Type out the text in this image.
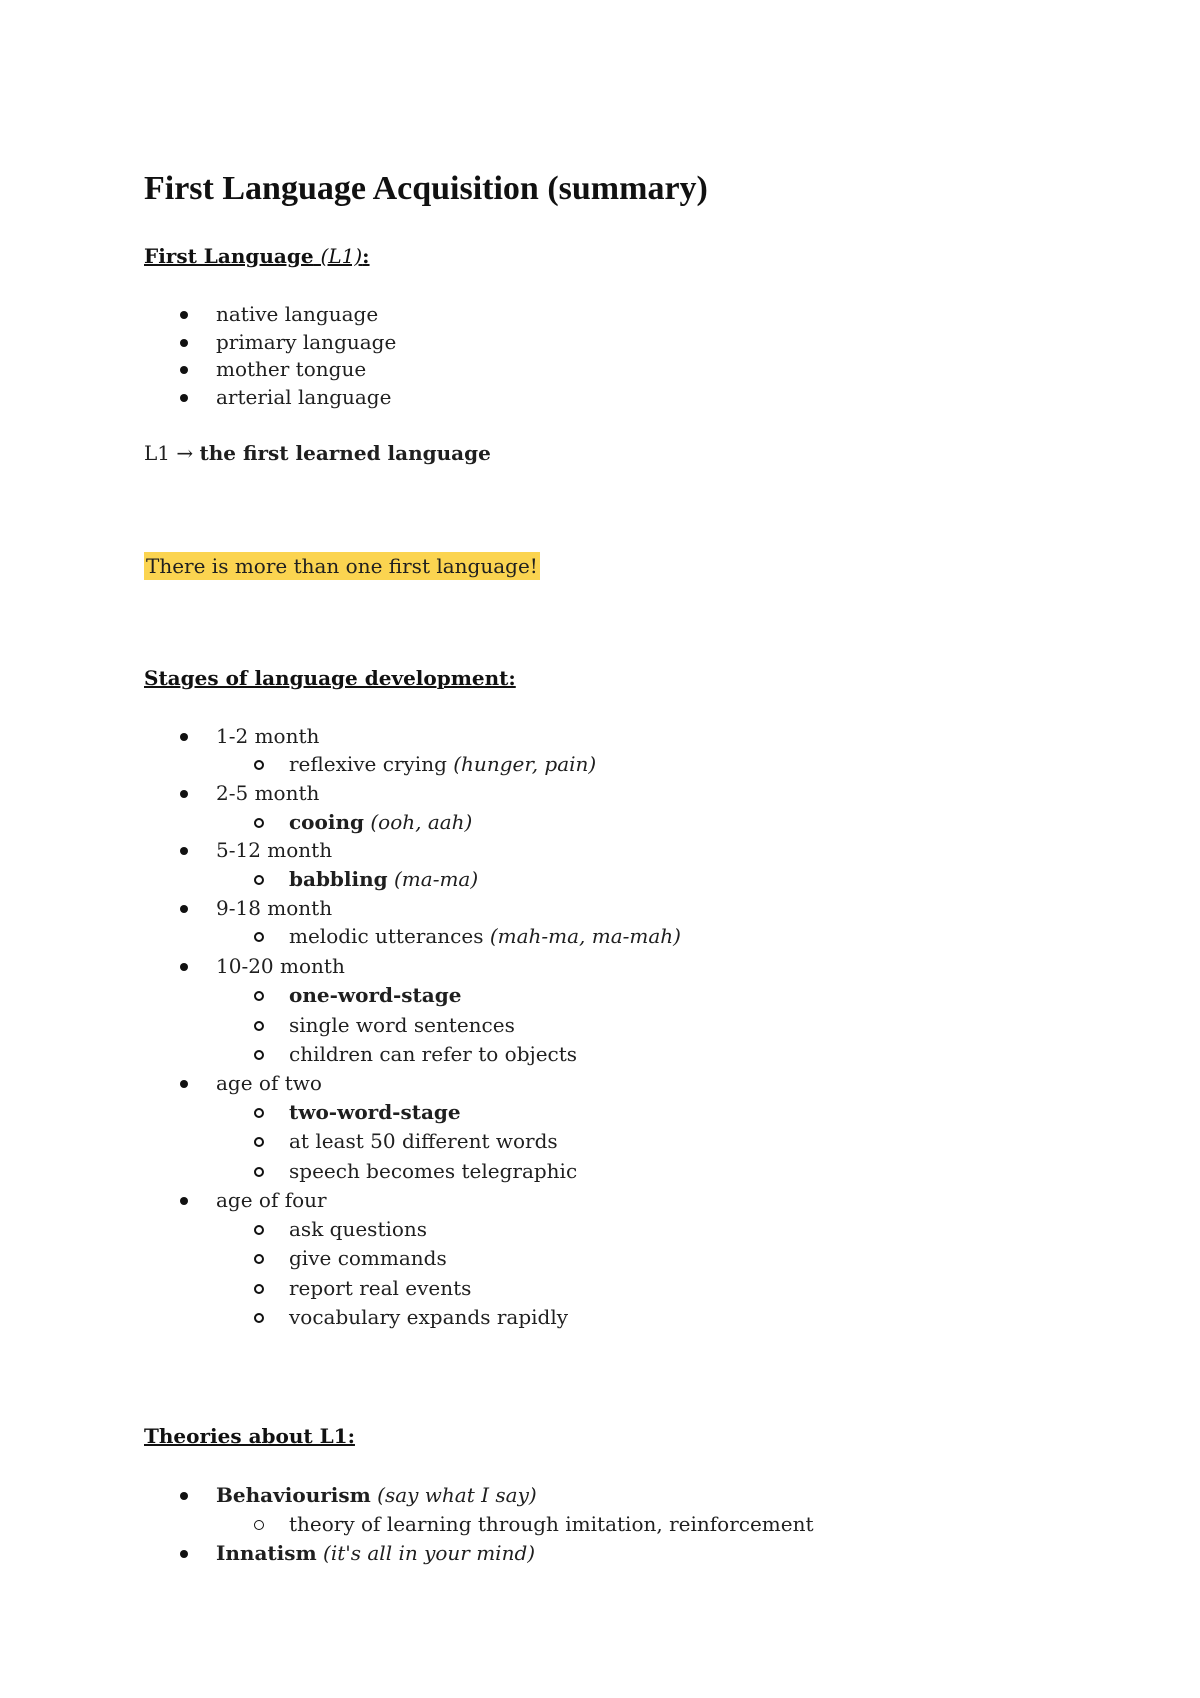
First Language Acquisition (summary)
First Language (L1):
native language
primary language
mother tongue
arterial language
L1 → the first learned language
There is more than one first language!
Stages of language development:
1-2 month
reflexive crying (hunger, pain)
2-5 month
cooing (ooh, aah)
5-12 month
babbling (ma-ma)
9-18 month
melodic utterances (mah-ma, ma-mah)
10-20 month
one-word-stage
single word sentences
children can refer to objects
age of two
two-word-stage
at least 50 different words
speech becomes telegraphic
age of four
ask questions
give commands
report real events
vocabulary expands rapidly
Theories about L1:
Behaviourism (say what I say)
theory of learning through imitation, reinforcement
Innatism (it's all in your mind)
